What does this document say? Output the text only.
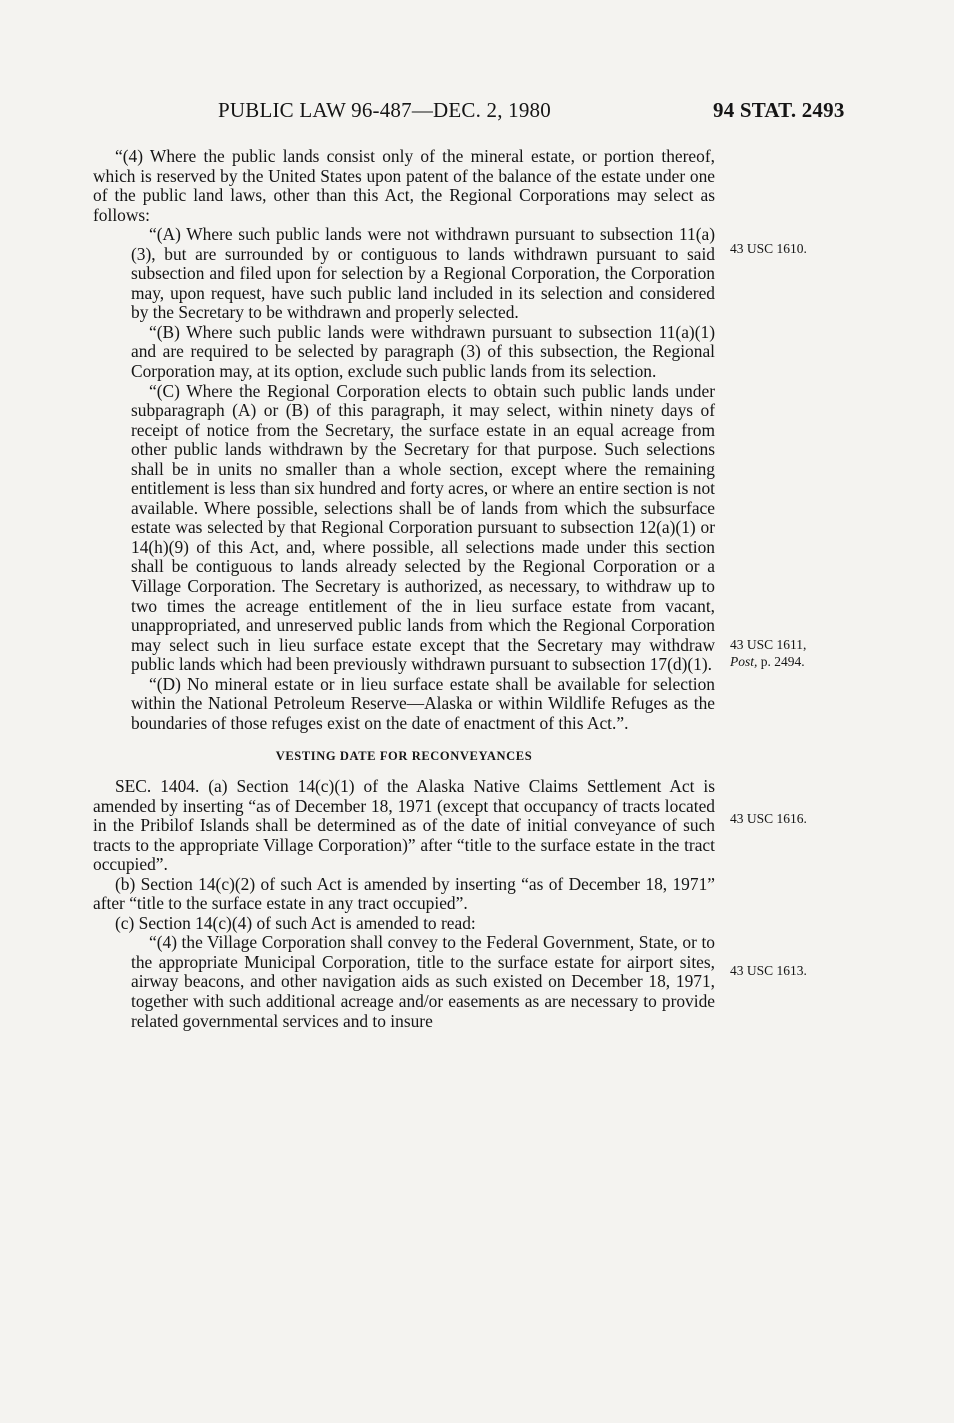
PUBLIC LAW 96-487—DEC. 2, 1980	94 STAT. 2493

“(4) Where the public lands consist only of the mineral estate, or portion thereof, which is reserved by the United States upon patent of the balance of the estate under one of the public land laws, other than this Act, the Regional Corporations may select as follows:

“(A) Where such public lands were not withdrawn pursuant to subsection 11(a)(3), but are surrounded by or contiguous to lands withdrawn pursuant to said subsection and filed upon for selection by a Regional Corporation, the Corporation may, upon request, have such public land included in its selection and considered by the Secretary to be withdrawn and properly selected.

“(B) Where such public lands were withdrawn pursuant to subsection 11(a)(1) and are required to be selected by paragraph (3) of this subsection, the Regional Corporation may, at its option, exclude such public lands from its selection.

“(C) Where the Regional Corporation elects to obtain such public lands under subparagraph (A) or (B) of this paragraph, it may select, within ninety days of receipt of notice from the Secretary, the surface estate in an equal acreage from other public lands withdrawn by the Secretary for that purpose. Such selections shall be in units no smaller than a whole section, except where the remaining entitlement is less than six hundred and forty acres, or where an entire section is not available. Where possible, selections shall be of lands from which the subsurface estate was selected by that Regional Corporation pursuant to subsection 12(a)(1) or 14(h)(9) of this Act, and, where possible, all selections made under this section shall be contiguous to lands already selected by the Regional Corporation or a Village Corporation. The Secretary is authorized, as necessary, to withdraw up to two times the acreage entitlement of the in lieu surface estate from vacant, unappropriated, and unreserved public lands from which the Regional Corporation may select such in lieu surface estate except that the Secretary may withdraw public lands which had been previously withdrawn pursuant to subsection 17(d)(1).

“(D) No mineral estate or in lieu surface estate shall be available for selection within the National Petroleum Reserve—Alaska or within Wildlife Refuges as the boundaries of those refuges exist on the date of enactment of this Act.”.

VESTING DATE FOR RECONVEYANCES

SEC. 1404. (a) Section 14(c)(1) of the Alaska Native Claims Settlement Act is amended by inserting “as of December 18, 1971 (except that occupancy of tracts located in the Pribilof Islands shall be determined as of the date of initial conveyance of such tracts to the appropriate Village Corporation)” after “title to the surface estate in the tract occupied”.

(b) Section 14(c)(2) of such Act is amended by inserting “as of December 18, 1971” after “title to the surface estate in any tract occupied”.

(c) Section 14(c)(4) of such Act is amended to read:

“(4) the Village Corporation shall convey to the Federal Government, State, or to the appropriate Municipal Corporation, title to the surface estate for airport sites, airway beacons, and other navigation aids as such existed on December 18, 1971, together with such additional acreage and/or easements as are necessary to provide related governmental services and to insure

43 USC 1610.
43 USC 1611,
Post, p. 2494.
43 USC 1616.
43 USC 1613.
